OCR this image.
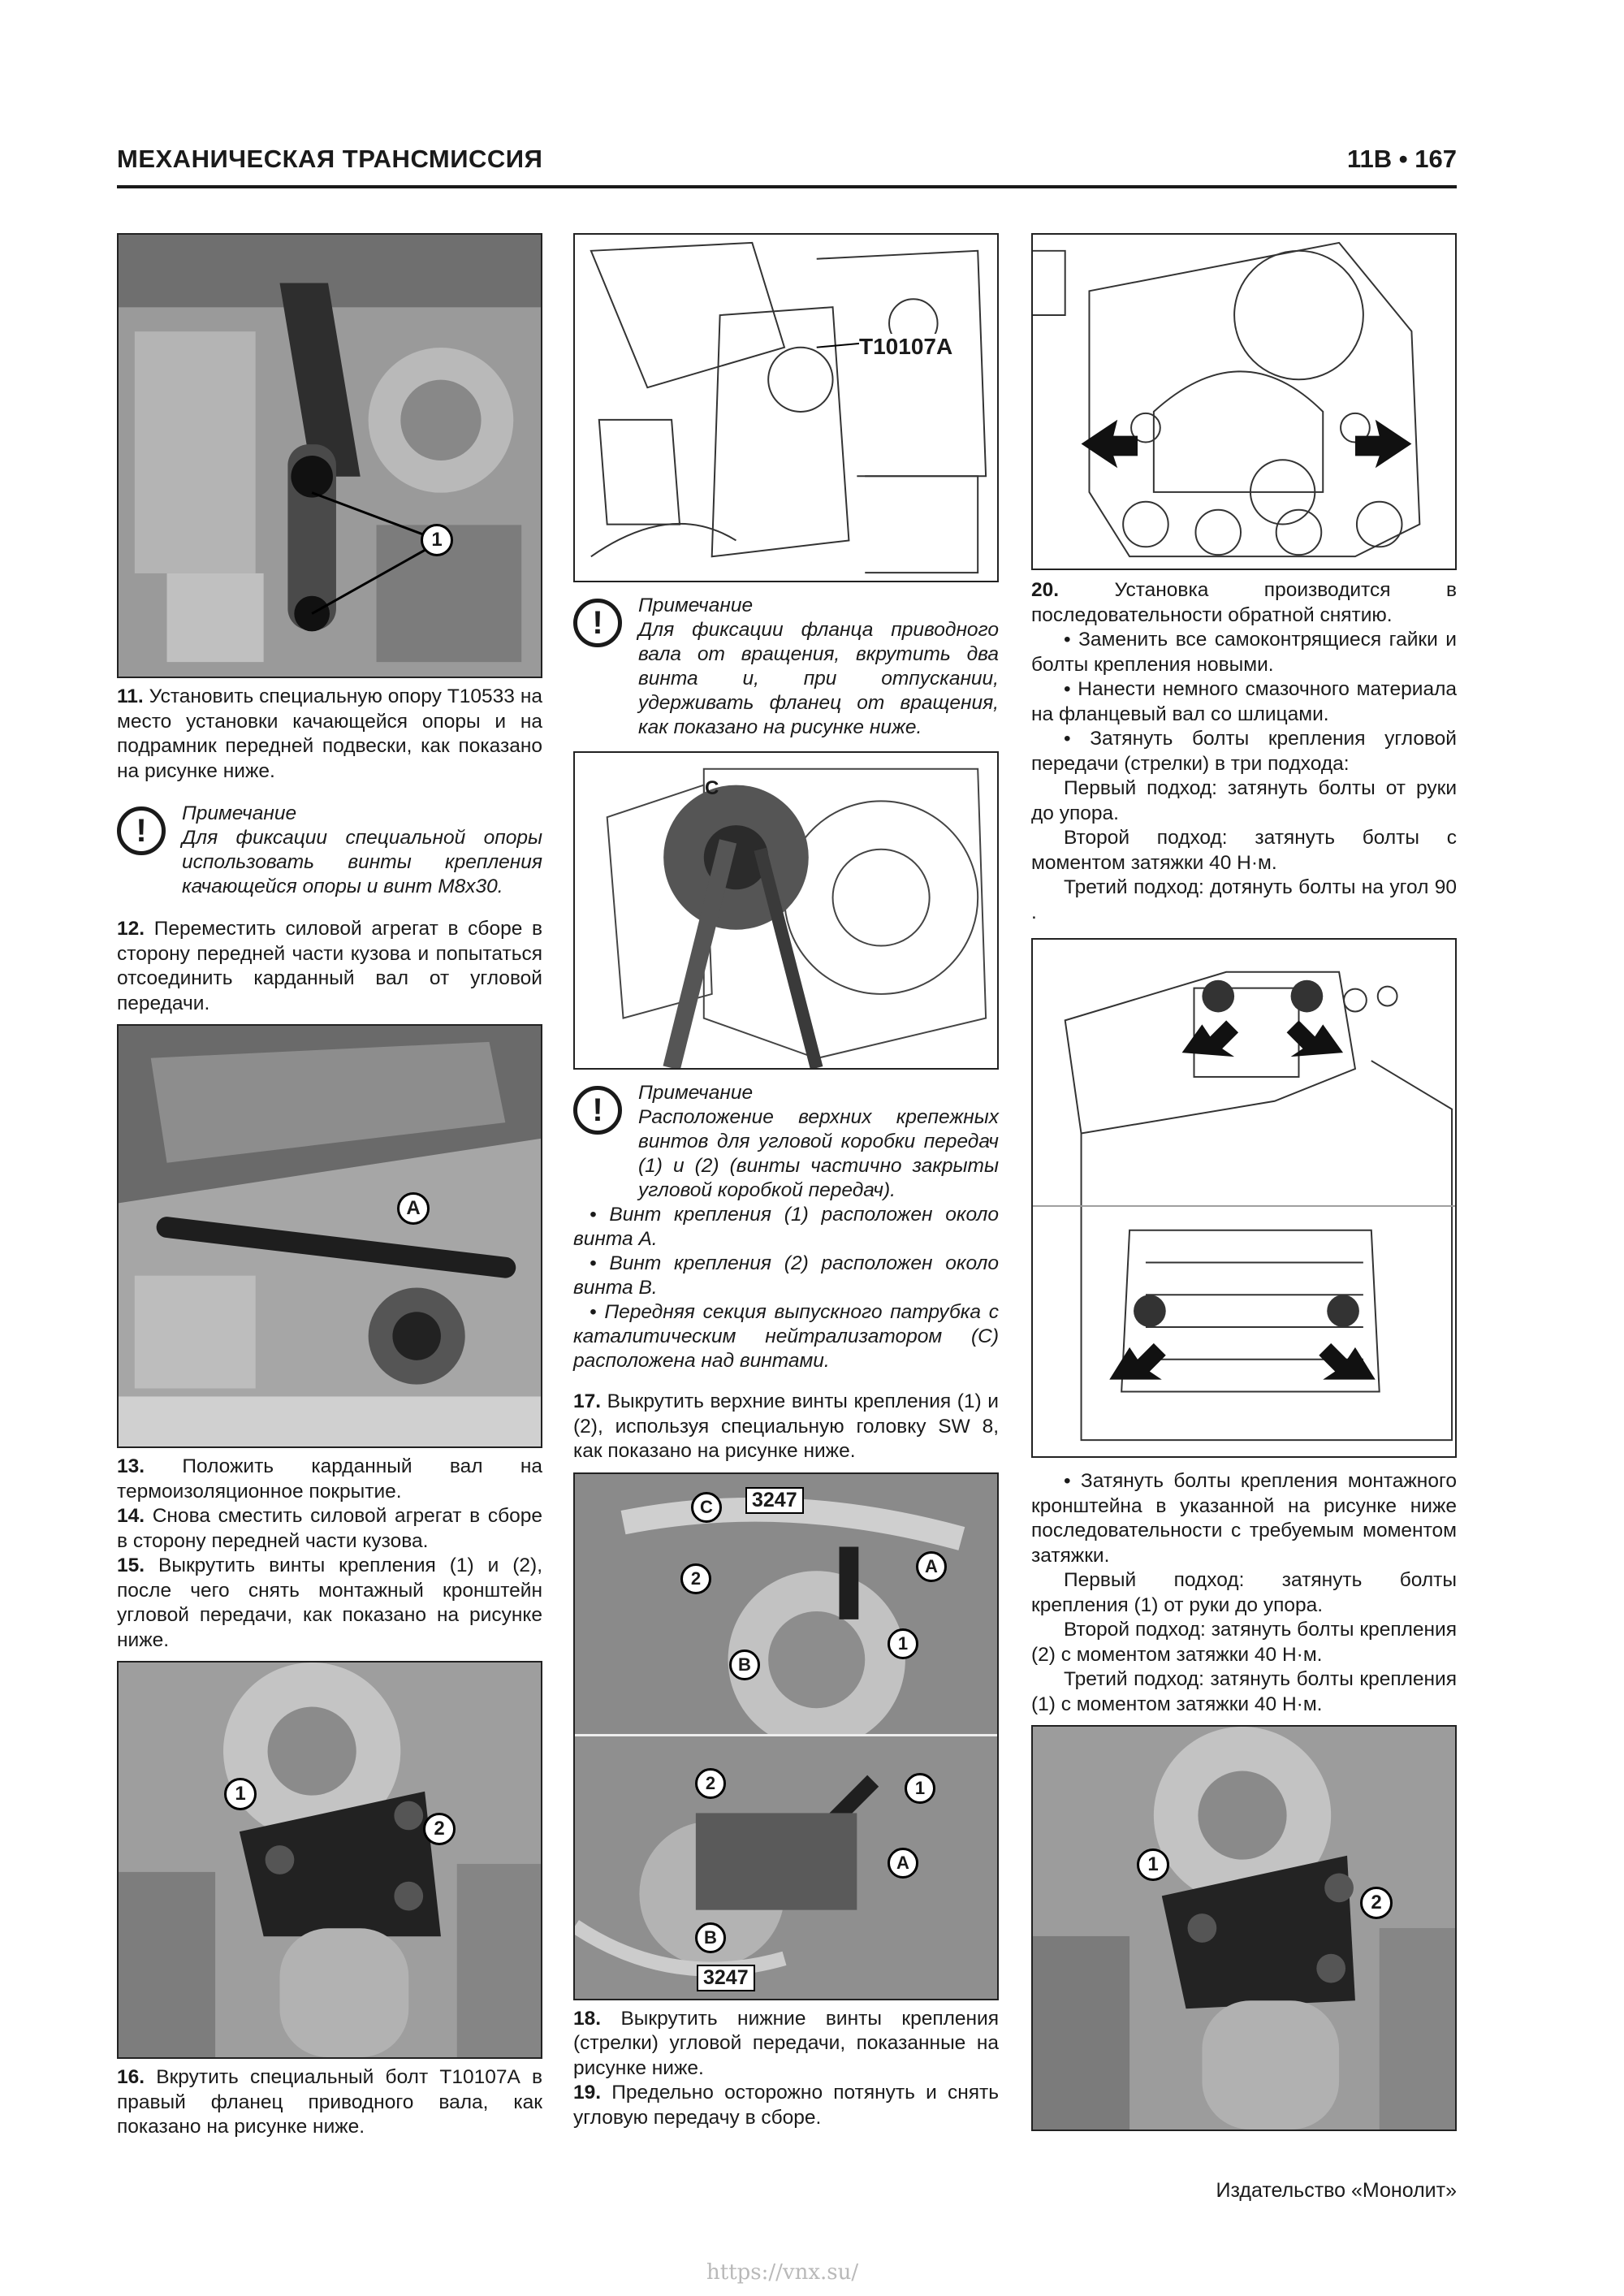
МЕХАНИЧЕСКАЯ ТРАНСМИССИЯ	11B • 167
1

11. Установить специальную опору Т10533 на место установки качающейся опоры и на подрамник передней подвески, как показано на рисунке ниже.

!	Примечание

Для фиксации специальной опоры использовать винты крепления качающейся опоры и винт М8х30.

12. Переместить силовой агрегат в сборе в сторону передней части кузова и попытаться отсоединить карданный вал от угловой передачи.

A

13. Положить карданный вал на термоизоляционное покрытие.

14. Снова сместить силовой агрегат в сборе в сторону передней части кузова.

15. Выкрутить винты крепления (1) и (2), после чего снять монтажный кронштейн угловой передачи, как показано на рисунке ниже.

1
2

16. Вкрутить специальный болт Т10107А в правый фланец приводного вала, как показано на рисунке ниже.

T10107A
!	Примечание

Для фиксации фланца приводного вала от вращения, вкрутить два винта и, при отпускании, удерживать фланец от вращения, как показано на рисунке ниже.

C
!	Примечание

Расположение верхних крепежных винтов для угловой коробки передач (1) и (2) (винты частично закрыты угловой коробкой передач).

• Винт крепления (1) расположен около винта А.

• Винт крепления (2) расположен около винта В.

• Передняя секция выпускного патрубка с каталитическим нейтрализатором (С) расположена над винтами.

17. Выкрутить верхние винты крепления (1) и (2), используя специальную головку SW 8, как показано на рисунке ниже.

3247
C
2
B
A
1
2	1
A
B
3247

18. Выкрутить нижние винты крепления (стрелки) угловой передачи, показанные на рисунке ниже.

19. Предельно осторожно потянуть и снять угловую передачу в сборе.

20.	Установка производится в последовательности обратной снятию.

• Заменить все самоконтрящиеся гайки и болты крепления новыми.

• Нанести немного смазочного материала на фланцевый вал со шлицами.

• Затянуть болты крепления угловой передачи (стрелки) в три подхода:

Первый подход: затянуть болты от руки до упора.

Второй подход: затянуть болты с моментом затяжки 40 Н·м.

Третий подход: дотянуть болты на угол 90 .

• Затянуть болты крепления монтажного кронштейна в указанной на рисунке ниже последовательности с требуемым моментом затяжки.

Первый подход: затянуть болты крепления (1) от руки до упора.

Второй подход: затянуть болты крепления (2) с моментом затяжки 40 Н·м.

Третий подход: затянуть болты крепления (1) с моментом затяжки 40 Н·м.

1
2
Издательство «Монолит»
https://vnx.su/
